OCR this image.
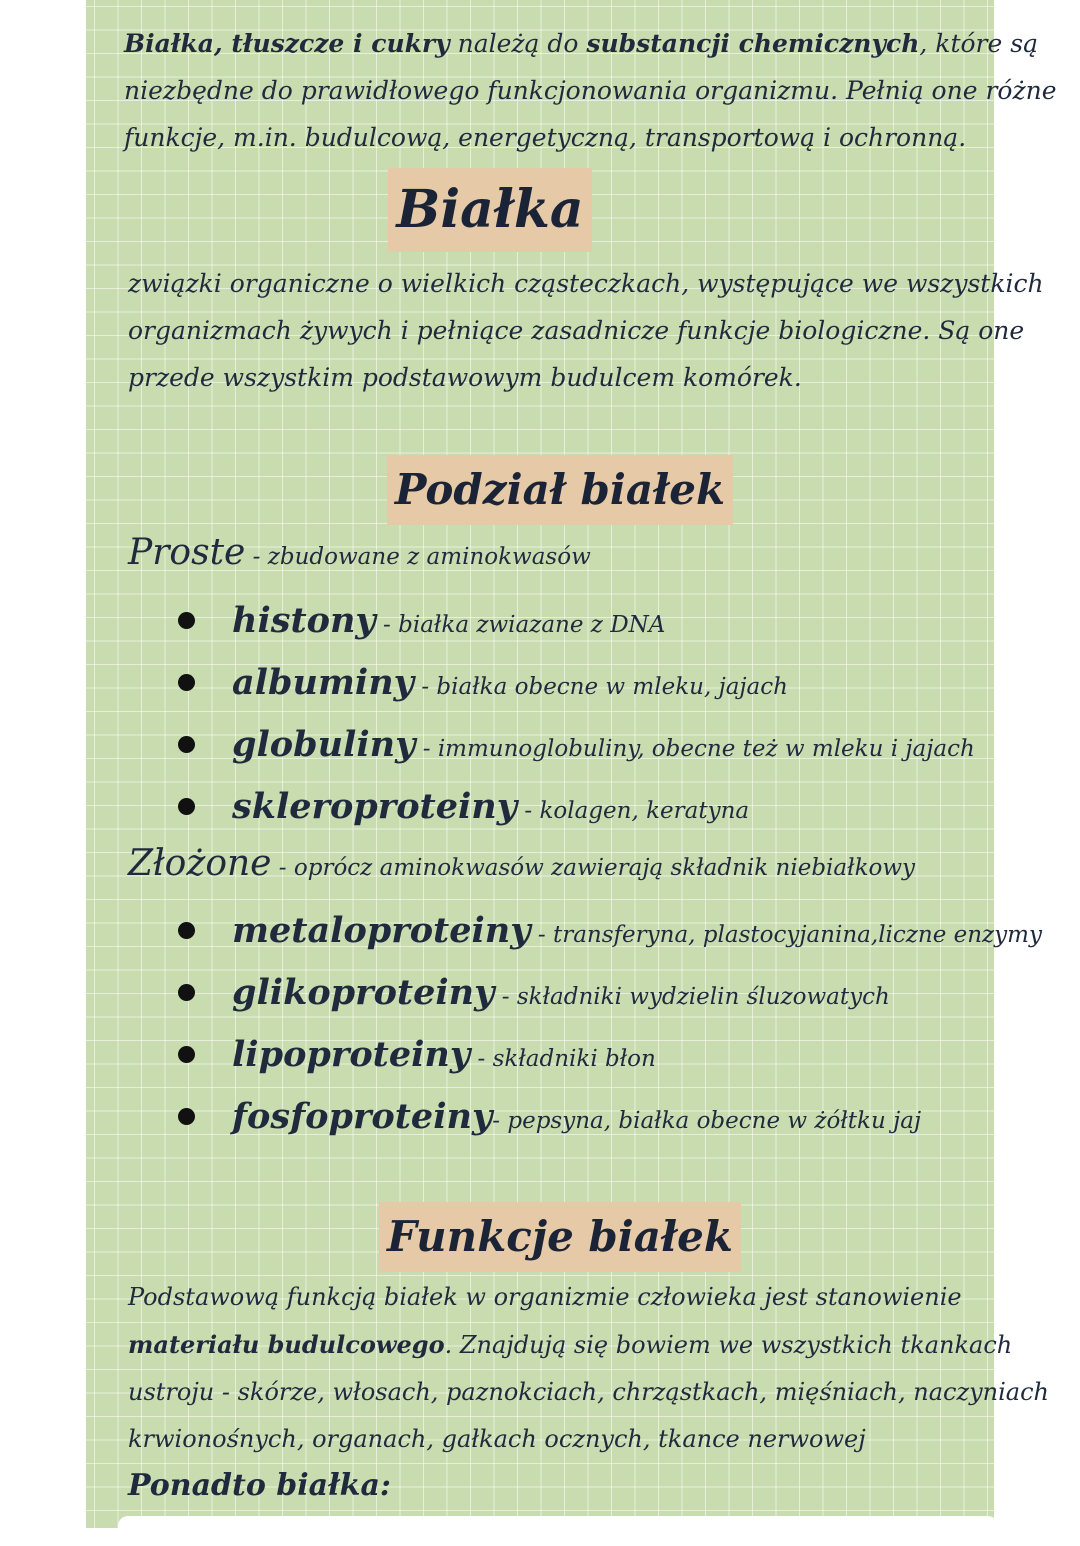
Białka, tłuszcze i cukry należą do substancji chemicznych, które są
niezbędne do prawidłowego funkcjonowania organizmu. Pełnią one różne
funkcje, m.in. budulcową, energetyczną, transportową i ochronną.
Białka
związki organiczne o wielkich cząsteczkach, występujące we wszystkich
organizmach żywych i pełniące zasadnicze funkcje biologiczne. Są one
przede wszystkim podstawowym budulcem komórek.
Podział białek
Proste - zbudowane z aminokwasów
histony - białka zwiazane z DNA
albuminy - białka obecne w mleku, jajach
globuliny - immunoglobuliny, obecne też w mleku i jajach
skleroproteiny - kolagen, keratyna
Złożone - oprócz aminokwasów zawierają składnik niebiałkowy
metaloproteiny - transferyna, plastocyjanina,liczne enzymy
glikoproteiny - składniki wydzielin śluzowatych
lipoproteiny - składniki błon
fosfoproteiny- pepsyna, białka obecne w żółtku jaj
Funkcje białek
Podstawową funkcją białek w organizmie człowieka jest stanowienie
materiału budulcowego. Znajdują się bowiem we wszystkich tkankach
ustroju - skórze, włosach, paznokciach, chrząstkach, mięśniach, naczyniach
krwionośnych, organach, gałkach ocznych, tkance nerwowej
Ponadto białka:
